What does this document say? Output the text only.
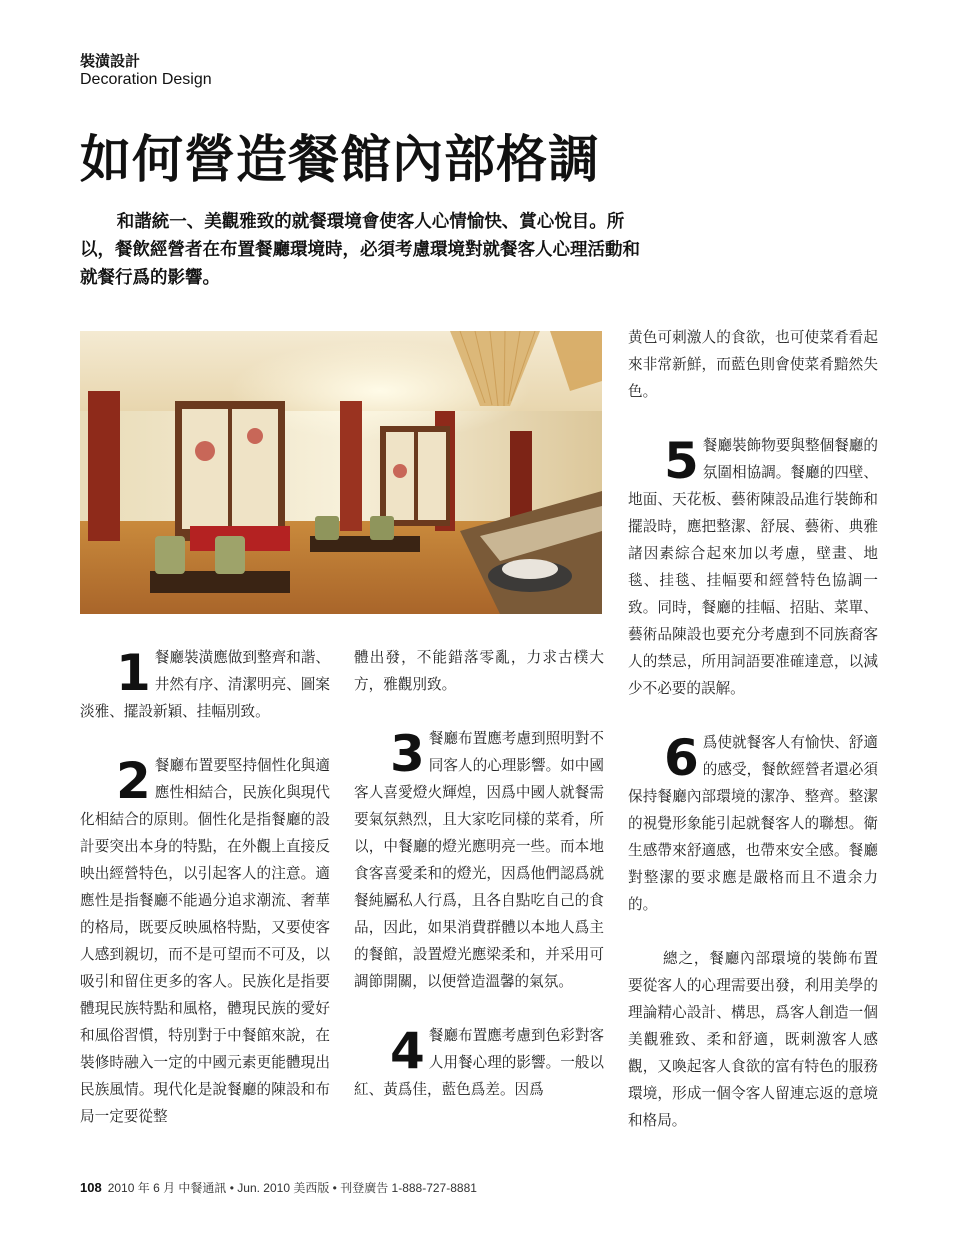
裝潢設計
Decoration Design
如何營造餐館內部格調

和諧統一、美觀雅致的就餐環境會使客人心情愉快、賞心悅目。所以，餐飲經營者在布置餐廳環境時，必須考慮環境對就餐客人心理活動和就餐行爲的影響。

1 餐廳裝潢應做到整齊和諧、井然有序、清潔明亮、圖案淡雅、擺設新穎、挂幅別致。

2 餐廳布置要堅持個性化與適應性相結合，民族化與現代化相結合的原則。個性化是指餐廳的設計要突出本身的特點，在外觀上直接反映出經營特色，以引起客人的注意。適應性是指餐廳不能過分追求潮流、奢華的格局，既要反映風格特點，又要使客人感到親切，而不是可望而不可及，以吸引和留住更多的客人。民族化是指要體現民族特點和風格，體現民族的愛好和風俗習慣，特別對于中餐館來說，在裝修時融入一定的中國元素更能體現出民族風情。現代化是說餐廳的陳設和布局一定要從整

體出發，不能錯落零亂，力求古樸大方，雅觀別致。

3 餐廳布置應考慮到照明對不同客人的心理影響。如中國客人喜愛燈火輝煌，因爲中國人就餐需要氣氛熱烈，且大家吃同樣的菜肴，所以，中餐廳的燈光應明亮一些。而本地食客喜愛柔和的燈光，因爲他們認爲就餐純屬私人行爲，且各自點吃自己的食品，因此，如果消費群體以本地人爲主的餐館，設置燈光應梁柔和，并采用可調節開關，以便營造溫馨的氣氛。

4 餐廳布置應考慮到色彩對客人用餐心理的影響。一般以紅、黃爲佳，藍色爲差。因爲

黄色可刺激人的食欲，也可使菜肴看起來非常新鮮，而藍色則會使菜肴黯然失色。

5 餐廳裝飾物要與整個餐廳的氛圍相協調。餐廳的四壁、地面、天花板、藝術陳設品進行裝飾和擺設時，應把整潔、舒展、藝術、典雅諸因素綜合起來加以考慮，壁畫、地毯、挂毯、挂幅要和經營特色協調一致。同時，餐廳的挂幅、招貼、菜單、藝術品陳設也要充分考慮到不同族裔客人的禁忌，所用詞語要准確達意，以減少不必要的誤解。

6 爲使就餐客人有愉快、舒適的感受，餐飲經營者還必須保持餐廳內部環境的潔净、整齊。整潔的視覺形象能引起就餐客人的聯想。衛生感帶來舒適感，也帶來安全感。餐廳對整潔的要求應是嚴格而且不遺余力的。

總之，餐廳內部環境的裝飾布置要從客人的心理需要出發，利用美學的理論精心設計、構思，爲客人創造一個美觀雅致、柔和舒適，既刺激客人感觀，又喚起客人食欲的富有特色的服務環境，形成一個令客人留連忘返的意境和格局。

108 2010 年 6 月 中餐通訊 • Jun. 2010 美西版 • 刊登廣告 1-888-727-8881
